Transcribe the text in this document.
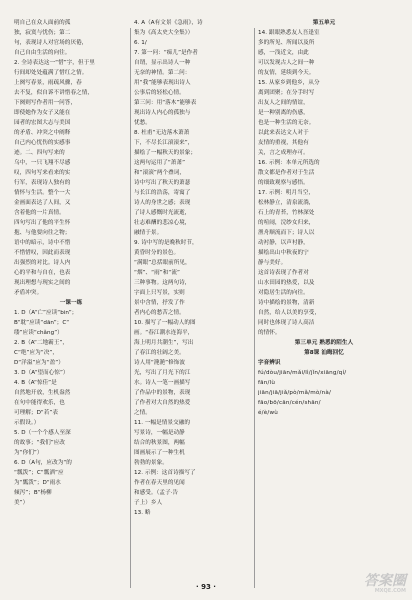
明自己在众人面前的孤

独，寂寞与忧伤；第二

句，表现诗人对官场的厌倦，

自己自由生活的向往。

2. 全诗表达这一“惜”字，但于里

行间却处处蕴满了惜红之情。

上阕写春景，雨疏风骤，春

去不复，似自诉不讲惜春之情，

下阕则写作者用一问答，

即使她作为女子又能在

园者的宏图大志与美国

的矛盾、冲突之中阐释

自己内心忧伤的实感事

迹。二、四句写来的

乌中，一只飞翔不尽感

叹，四句写来看来的实

行军，表现诗人独有的

情怀与生活。整个一大

金画面表达了人间，又

含着他的一片真情。

四句写出了他的平生怀

抱、与他要向往之物；

语中的暗示，诗中不惜

不惜惜叹，因此而表现

出强烈的对比。诗人内

心的平和与自在，也表

现出理想与现实之间的

矛盾冲突。

一课一练

1. D（A“亡”应读“bin”；

B“耽”应读“dān”；C“

缕”应读“chǎng”）

2. B（A“二地霸王”，

C“绝”应为“决”，

D“洋溢”应为“盈”）

3. D（A“望而心惊”）

4. B（A“惊佳”是

自然地开放，生机盎然

在句中能得欢乐，也

可理解；D“若”表

示假设。）

5. D（一个个感人至深

的故事；“我们”应改

为“你们”）

6. D（A句，应改为“的

“瓢泼”；C“瓢洒”应

为“瓢泼”；D“雨水

倾泻”；B“杨柳

美”）

4. A（A有文景《急雨》，诗

集为《高太史大全集》）

6. 1/

7. 第一问：“痴儿”是作者

自谓，显示出诗人一种

无奈的神情。第二问：

用“我”能够表现出诗人

公事后的轻松心情。

第三问：用“落木”能够表

现出诗人内心的孤独与

忧愁。

8. 杜甫“无边落木萧萧

下，不尽长江滚滚来”，

描绘了一幅秋天的景象；

这两句运用了“萧萧”

和“滚滚”两个叠词，

诗中写出了秋天的萧瑟

与长江的浩荡，寄寓了

诗人的身世之感；表现

了诗人感慨时光流逝，

壮志难酬的悲凉心境，

融情于景。

9. 诗中写的是晚秋时节，

黄昏时分的景色。

“满眼”总括眼前所见，

“烟”、“雨”和“流”

三种事物。这两句诗，

字面上只写景，实则

景中含情，抒发了作

者内心的愁苦之情。

10. 描写了一幅动人的图

画。“春江潮水连海平，

海上明月共潮生”，写出

了春江的壮阔之美。

诗人用“滟滟”修饰波

光，写出了月光下的江

水。诗人一笔一画描写

了作品中的景物，表现

了作者对大自然的热爱

之情。

11. 一幅是情景交融的

写景诗，一幅是动静

结合的秋景图，两幅

图画展示了一种生机

勃勃的景象。

12. 示例：这首诗描写了

作者在春天里的见闻

和感受。（孟子·告

子上）乡人

13. 略

第五单元

14. 跟眼熟悉友人吾逢室

多的所见、所闻以及所

感，一浅近文，由此

可以发现古人之间一种

的友情，延续到今天。

15. 从家乡到他乡，从分

离到团聚；在分手时写

出友人之间的情谊，

是一种别离的伤感，

也是一种生活的无奈。

以此来表达文人对于

友情的重视，其他有

关，言之成理亦可。

16. 示例：本单元所选的

散文都是作者对于生活

的细致观察与感悟。

17. 示例：明月当空，

松林静立，清泉流淌，

石上的青苔，竹林深处

的喧闹，浣纱女归来，

渔舟顺流而下；诗人以

动衬静，以声衬静，

描绘出山中秋夜的宁

静与美好。

这首诗表现了作者对

山水田园的热爱，以及

对隐居生活的向往。

诗中描绘的景物，清新

自然，给人以美的享受，

同时也体现了诗人高洁

的情怀。

第三单元 熟悉的陌生人

第8课 汕晦回忆

字音辨识

fú/dòu/jiān/mǎi/lì/jǐn/xiāng/qí/

fān/lù

jiān/jiā/jiǎ/pò/mǎ/mò/nà/

fāo/bō/cān/cén/shān/

é/è/wù

· 93 ·	答案圈
MXQE.COM
